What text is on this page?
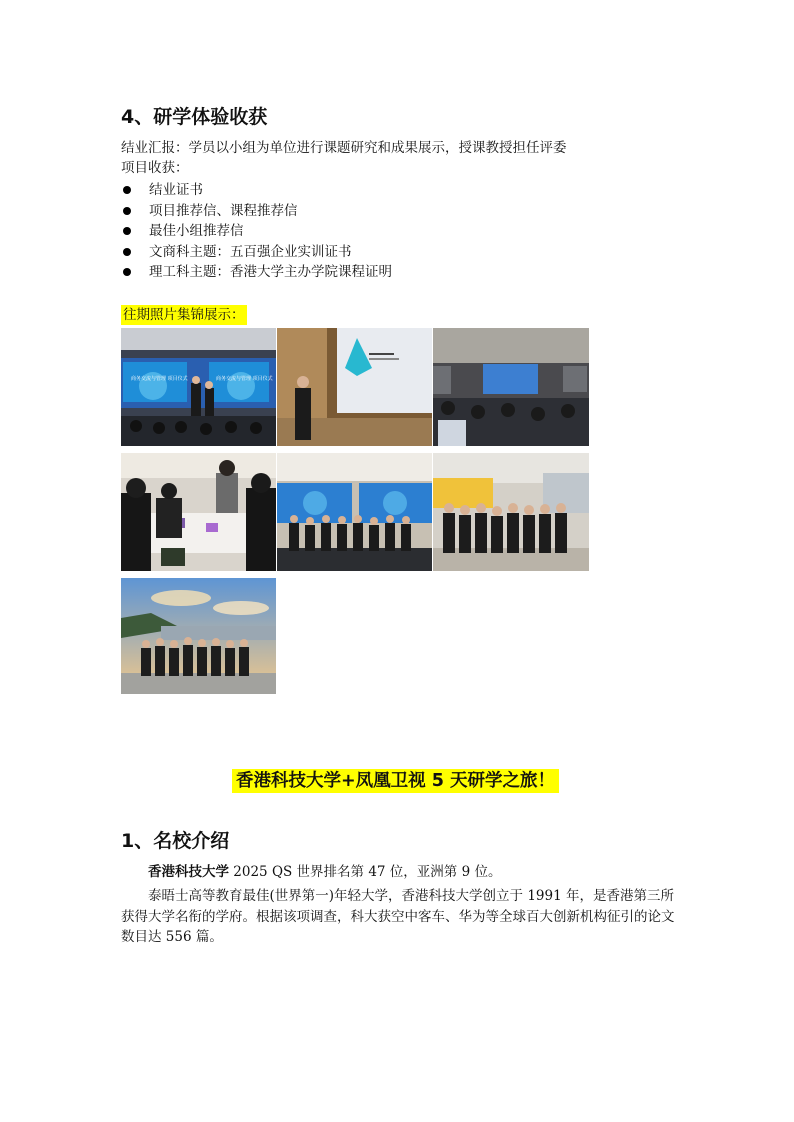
4、研学体验收获

结业汇报：学员以小组为单位进行课题研究和成果展示，授课教授担任评委

项目收获：

结业证书
项目推荐信、课程推荐信
最佳小组推荐信
文商科主题：五百强企业实训证书
理工科主题：香港大学主办学院课程证明
往期照片集锦展示：
商务交流与管理 项目仪式	商务交流与管理 项目仪式
香港科技大学+凤凰卫视 5 天研学之旅！
1、名校介绍

香港科技大学 2025 QS 世界排名第 47 位，亚洲第 9 位。

泰晤士高等教育最佳(世界第一)年轻大学，香港科技大学创立于 1991 年，是香港第三所获得大学名衔的学府。根据该项调查，科大获空中客车、华为等全球百大创新机构征引的论文数目达 556 篇。
